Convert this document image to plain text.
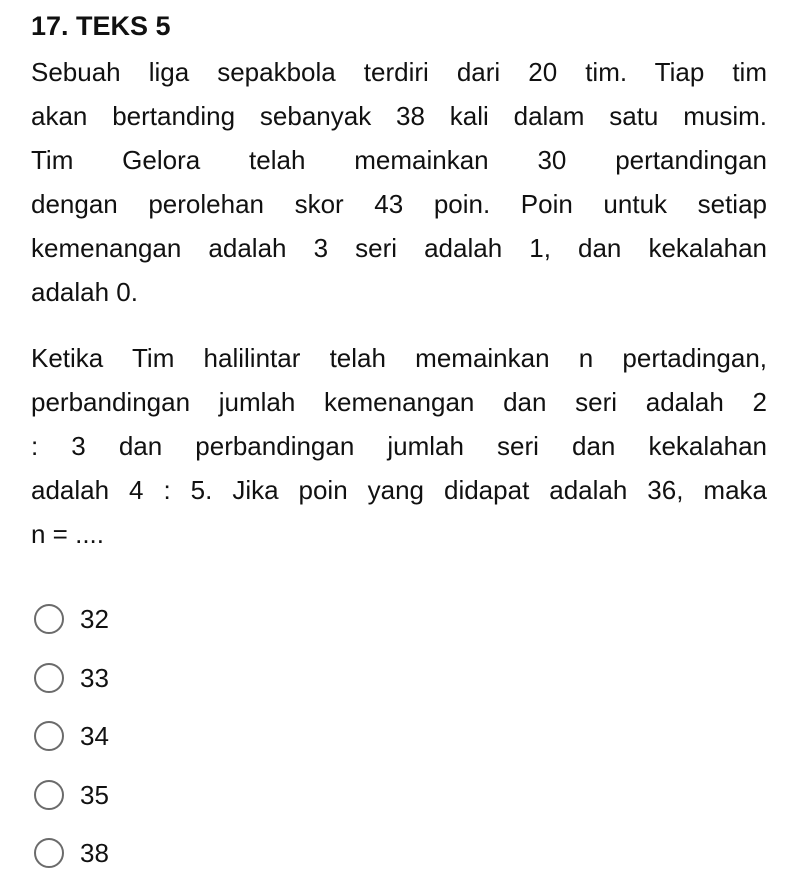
17. TEKS 5

Sebuah liga sepakbola terdiri dari 20 tim. Tiap tim
akan bertanding sebanyak 38 kali dalam satu musim.
Tim Gelora telah memainkan 30 pertandingan
dengan perolehan skor 43 poin. Poin untuk setiap
kemenangan adalah 3 seri adalah 1, dan kekalahan
adalah 0.

Ketika Tim halilintar telah memainkan n pertadingan,
perbandingan jumlah kemenangan dan seri adalah 2
: 3 dan perbandingan jumlah seri dan kekalahan
adalah 4 : 5. Jika poin yang didapat adalah 36, maka
n = ....

32
33
34
35
38
